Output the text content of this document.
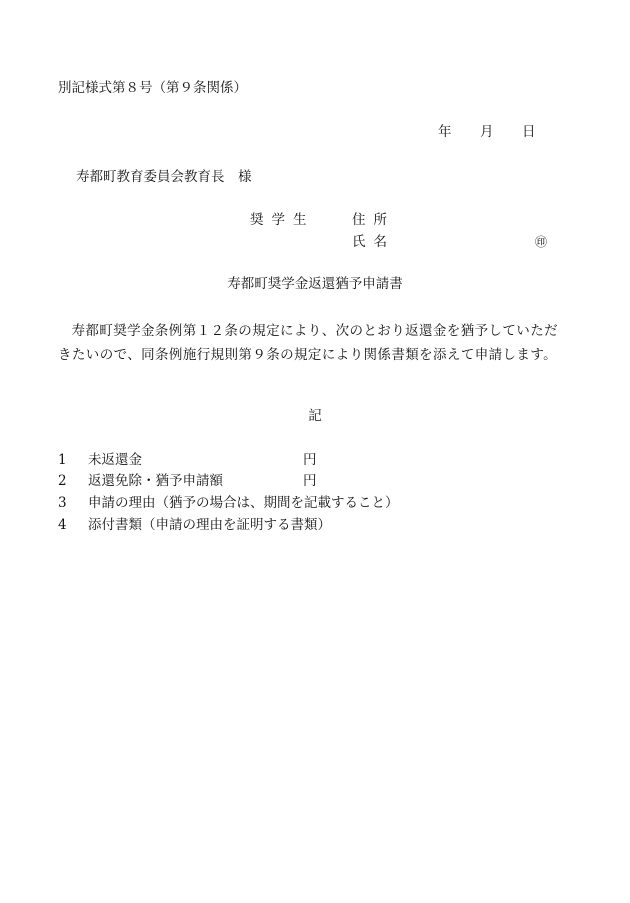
別記様式第８号（第９条関係）
年 月 日
寿都町教育委員会教育長　様
奨学生	住所
氏名	㊞
寿都町奨学金返還猶予申請書
寿都町奨学金条例第１２条の規定により、次のとおり返還金を猶予していただきたいので、同条例施行規則第９条の規定により関係書類を添えて申請します。
記
1 未返還金	円
2 返還免除・猶予申請額	円
3 申請の理由（猶予の場合は、期間を記載すること）
4 添付書類（申請の理由を証明する書類）
